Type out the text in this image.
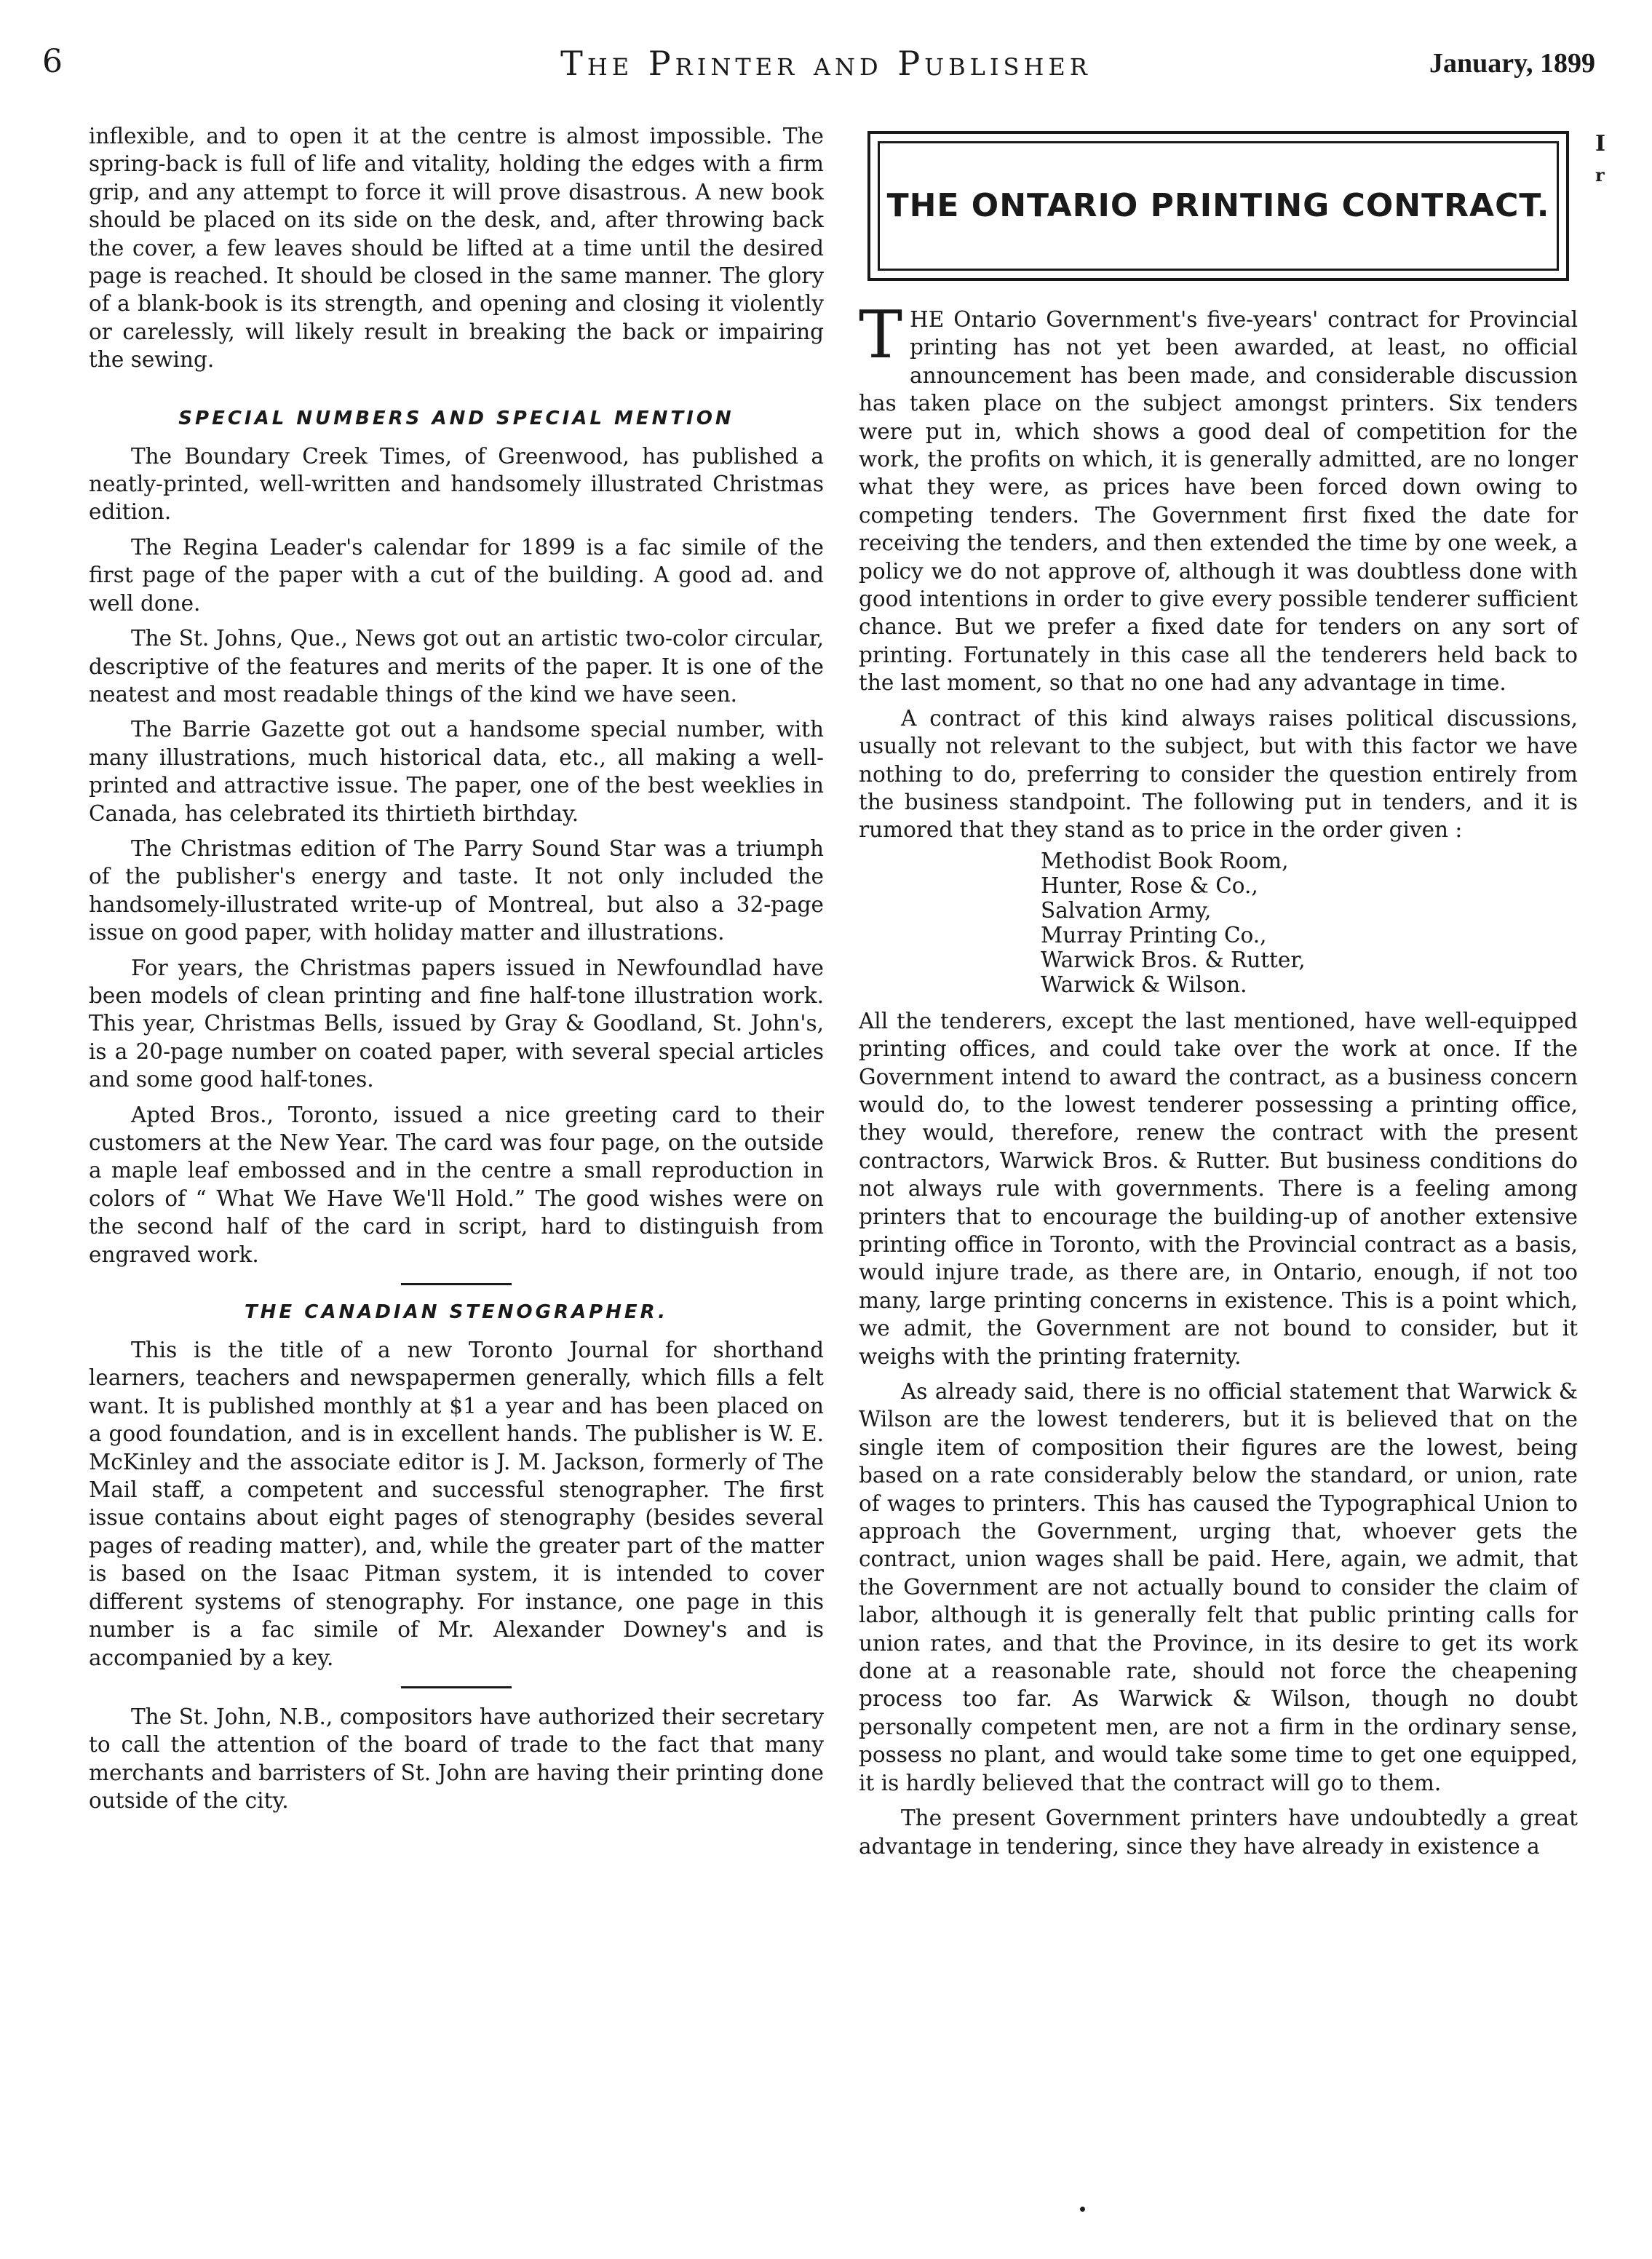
6	The Printer and Publisher	January, 1899
I
r

inflexible, and to open it at the centre is almost impossible. The spring-back is full of life and vitality, holding the edges with a firm grip, and any attempt to force it will prove disastrous. A new book should be placed on its side on the desk, and, after throwing back the cover, a few leaves should be lifted at a time until the desired page is reached. It should be closed in the same manner. The glory of a blank-book is its strength, and opening and closing it violently or carelessly, will likely result in breaking the back or impairing the sewing.

SPECIAL NUMBERS AND SPECIAL MENTION

The Boundary Creek Times, of Greenwood, has published a neatly-printed, well-written and handsomely illustrated Christmas edition.

The Regina Leader's calendar for 1899 is a fac simile of the first page of the paper with a cut of the building. A good ad. and well done.

The St. Johns, Que., News got out an artistic two-color circular, descriptive of the features and merits of the paper. It is one of the neatest and most readable things of the kind we have seen.

The Barrie Gazette got out a handsome special number, with many illustrations, much historical data, etc., all making a well-printed and attractive issue. The paper, one of the best weeklies in Canada, has celebrated its thirtieth birthday.

The Christmas edition of The Parry Sound Star was a triumph of the publisher's energy and taste. It not only included the handsomely-illustrated write-up of Montreal, but also a 32-page issue on good paper, with holiday matter and illustrations.

For years, the Christmas papers issued in Newfoundlad have been models of clean printing and fine half-tone illustration work. This year, Christmas Bells, issued by Gray & Goodland, St. John's, is a 20-page number on coated paper, with several special articles and some good half-tones.

Apted Bros., Toronto, issued a nice greeting card to their customers at the New Year. The card was four page, on the outside a maple leaf embossed and in the centre a small reproduction in colors of “ What We Have We'll Hold.” The good wishes were on the second half of the card in script, hard to distinguish from engraved work.

THE CANADIAN STENOGRAPHER.

This is the title of a new Toronto Journal for shorthand learners, teachers and newspapermen generally, which fills a felt want. It is published monthly at $1 a year and has been placed on a good foundation, and is in excellent hands. The publisher is W. E. McKinley and the associate editor is J. M. Jackson, formerly of The Mail staff, a competent and successful stenographer. The first issue contains about eight pages of stenography (besides several pages of reading matter), and, while the greater part of the matter is based on the Isaac Pitman system, it is intended to cover different systems of stenography. For instance, one page in this number is a fac simile of Mr. Alexander Downey's and is accompanied by a key.

The St. John, N.B., compositors have authorized their secretary to call the attention of the board of trade to the fact that many merchants and barristers of St. John are having their printing done outside of the city.

THE ONTARIO PRINTING CONTRACT.

THE Ontario Government's five-years' contract for Provincial printing has not yet been awarded, at least, no official announcement has been made, and considerable discussion has taken place on the subject amongst printers. Six tenders were put in, which shows a good deal of competition for the work, the profits on which, it is generally admitted, are no longer what they were, as prices have been forced down owing to competing tenders. The Government first fixed the date for receiving the tenders, and then extended the time by one week, a policy we do not approve of, although it was doubtless done with good intentions in order to give every possible tenderer sufficient chance. But we prefer a fixed date for tenders on any sort of printing. Fortunately in this case all the tenderers held back to the last moment, so that no one had any advantage in time.

A contract of this kind always raises political discussions, usually not relevant to the subject, but with this factor we have nothing to do, preferring to consider the question entirely from the business standpoint. The following put in tenders, and it is rumored that they stand as to price in the order given :

Methodist Book Room,
Hunter, Rose & Co.,
Salvation Army,
Murray Printing Co.,
Warwick Bros. & Rutter,
Warwick & Wilson.

All the tenderers, except the last mentioned, have well-equipped printing offices, and could take over the work at once. If the Government intend to award the contract, as a business concern would do, to the lowest tenderer possessing a printing office, they would, therefore, renew the contract with the present contractors, Warwick Bros. & Rutter. But business conditions do not always rule with governments. There is a feeling among printers that to encourage the building-up of another extensive printing office in Toronto, with the Provincial contract as a basis, would injure trade, as there are, in Ontario, enough, if not too many, large printing concerns in existence. This is a point which, we admit, the Government are not bound to consider, but it weighs with the printing fraternity.

As already said, there is no official statement that Warwick & Wilson are the lowest tenderers, but it is believed that on the single item of composition their figures are the lowest, being based on a rate considerably below the standard, or union, rate of wages to printers. This has caused the Typographical Union to approach the Government, urging that, whoever gets the contract, union wages shall be paid. Here, again, we admit, that the Government are not actually bound to consider the claim of labor, although it is generally felt that public printing calls for union rates, and that the Province, in its desire to get its work done at a reasonable rate, should not force the cheapening process too far. As Warwick & Wilson, though no doubt personally competent men, are not a firm in the ordinary sense, possess no plant, and would take some time to get one equipped, it is hardly believed that the contract will go to them.

The present Government printers have undoubtedly a great advantage in tendering, since they have already in existence a
